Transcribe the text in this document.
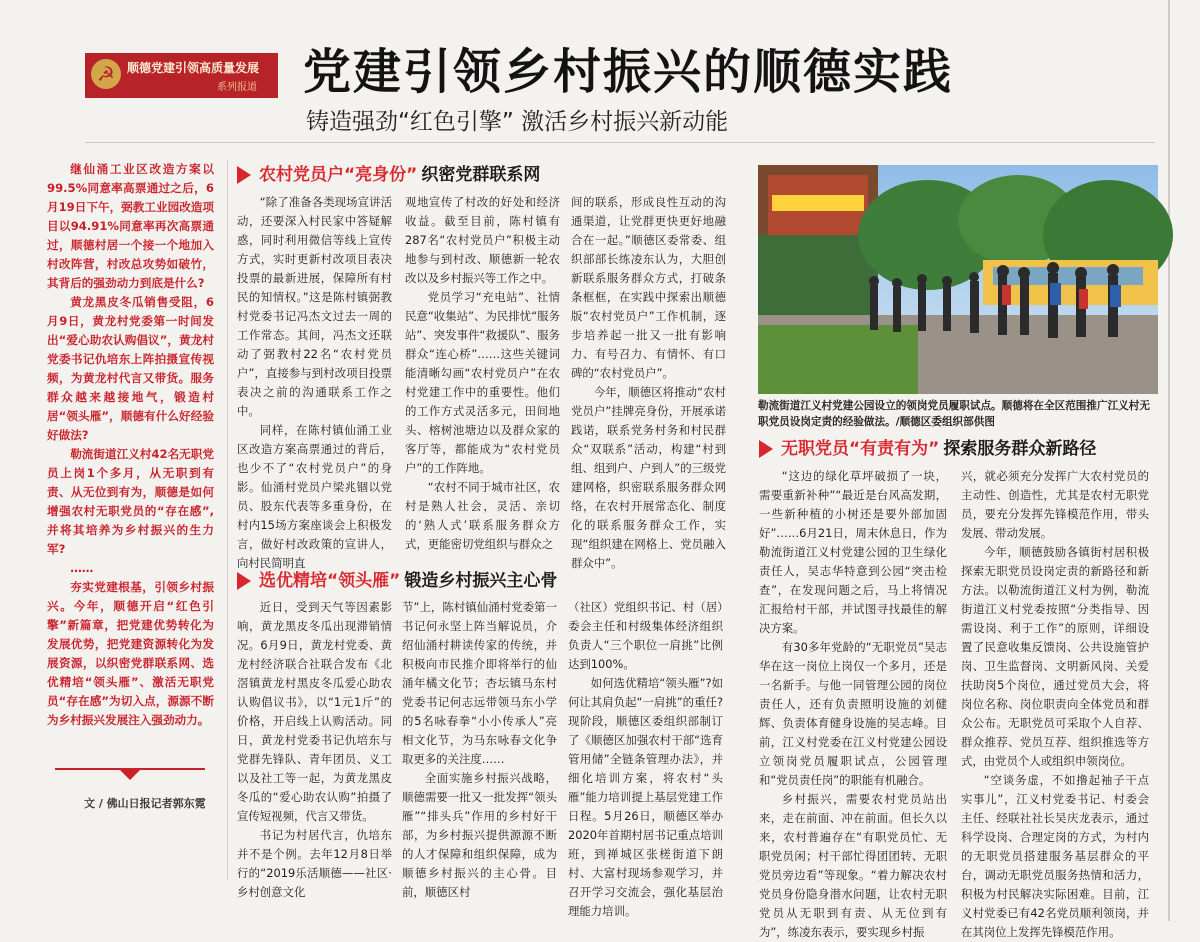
☭	顺德党建引领高质量发展
系列报道 党建引领乡村振兴的顺德实践
铸造强劲“红色引擎” 激活乡村振兴新动能

继仙涌工业区改造方案以99.5%同意率高票通过之后，6月19日下午，弼教工业园改造项目以94.91%同意率再次高票通过，顺德村居一个接一个地加入村改阵营，村改总攻势如破竹，其背后的强劲动力到底是什么?

黄龙黑皮冬瓜销售受阻，6月9日，黄龙村党委第一时间发出“爱心助农认购倡议”，黄龙村党委书记仇培东上阵拍摄宣传视频，为黄龙村代言又带货。服务群众越来越接地气，锻造村居“领头雁”，顺德有什么好经验好做法?

勒流街道江义村42名无职党员上岗1个多月，从无职到有责、从无位到有为，顺德是如何增强农村无职党员的“存在感”,并将其培养为乡村振兴的生力军?

……

夯实党建根基，引领乡村振兴。今年，顺德开启“红色引擎”新篇章，把党建优势转化为发展优势，把党建资源转化为发展资源，以织密党群联系网、选优精培“领头雁”、激活无职党员“存在感”为切入点，源源不断为乡村振兴发展注入强劲动力。

文 / 佛山日报记者郭东霓
农村党员户“亮身份” 织密党群联系网

“除了准备各类现场宣讲活动，还要深入村民家中答疑解惑，同时利用微信等线上宣传方式，实时更新村改项目表决投票的最新进展，保障所有村民的知情权。”这是陈村镇弼教村党委书记冯杰文过去一周的工作常态。其间，冯杰文还联动了弼教村22名“农村党员户”，直接参与到村改项目投票表决之前的沟通联系工作之中。

同样，在陈村镇仙涌工业区改造方案高票通过的背后，也少不了“农村党员户”的身影。仙涌村党员户梁兆锢以党员、股东代表等多重身份，在村内15场方案座谈会上积极发言，做好村改政策的宣讲人，向村民简明直

观地宣传了村改的好处和经济收益。截至目前，陈村镇有287名“农村党员户”积极主动地参与到村改、顺德新一轮农改以及乡村振兴等工作之中。

党员学习“充电站”、社情民意“收集站”、为民排忧“服务站”、突发事件“救援队”、服务群众“连心桥”……这些关键词能清晰勾画“农村党员户”在农村党建工作中的重要性。他们的工作方式灵活多元，田间地头、榕树池塘边以及群众家的客厅等，都能成为“农村党员户”的工作阵地。

“农村不同于城市社区，农村是熟人社会，灵活、亲切的‘熟人式’联系服务群众方式，更能密切党组织与群众之

间的联系，形成良性互动的沟通渠道，让党群更快更好地融合在一起。”顺德区委常委、组织部部长练凌东认为，大胆创新联系服务群众方式，打破条条框框，在实践中探索出顺德版“农村党员户”工作机制，逐步培养起一批又一批有影响力、有号召力、有情怀、有口碑的“农村党员户”。

今年，顺德区将推动“农村党员户”挂牌亮身份，开展承诺践诺，联系党务村务和村民群众“双联系”活动，构建“村到组、组到户、户到人”的三级党建网格，织密联系服务群众网络，在农村开展常态化、制度化的联系服务群众工作，实现“组织建在网格上、党员融入群众中”。

选优精培“领头雁” 锻造乡村振兴主心骨

近日，受到天气等因素影响，黄龙黑皮冬瓜出现滞销情况。6月9日，黄龙村党委、黄龙村经济联合社联合发布《北滘镇黄龙村黑皮冬瓜爱心助农认购倡议书》，以“1元1斤”的价格，开启线上认购活动。同日，黄龙村党委书记仇培东与党群先锋队、青年团员、义工以及社工等一起，为黄龙黑皮冬瓜的“爱心助农认购”拍摄了宣传短视频，代言又带货。

书记为村居代言，仇培东并不是个例。去年12月8日举行的“2019乐活顺德——社区·乡村创意文化

节”上，陈村镇仙涌村党委第一书记何永坚上阵当解说员，介绍仙涌村耕读传家的传统，并积极向市民推介即将举行的仙涌年橘文化节；杏坛镇马东村党委书记何志远带领马东小学的5名咏春拳“小小传承人”亮相文化节，为马东咏春文化争取更多的关注度……

全面实施乡村振兴战略，顺德需要一批又一批发挥“领头雁”“排头兵”作用的乡村好干部，为乡村振兴提供源源不断的人才保障和组织保障，成为顺德乡村振兴的主心骨。目前，顺德区村

（社区）党组织书记、村（居）委会主任和村级集体经济组织负责人“三个职位一肩挑”比例达到100%。

如何选优精培“领头雁”?如何让其肩负起“一肩挑”的重任?现阶段，顺德区委组织部制订了《顺德区加强农村干部“选育管用储”全链条管理办法》，并细化培训方案，将农村“头雁”能力培训提上基层党建工作日程。5月26日，顺德区举办2020年首期村居书记重点培训班，到禅城区张槎街道下朗村、大富村现场参观学习，并召开学习交流会，强化基层治理能力培训。

勒流街道江义村党建公园设立的领岗党员履职试点。顺德将在全区范围推广江义村无职党员设岗定责的经验做法。/顺德区委组织部供图
无职党员“有责有为” 探索服务群众新路径

“这边的绿化草坪破损了一块，需要重新补种”“最近是台风高发期，一些新种植的小树还是要外部加固好”……6月21日，周末休息日，作为勒流街道江义村党建公园的卫生绿化责任人，吴志华特意到公园“突击检查”，在发现问题之后，马上将情况汇报给村干部，并试图寻找最佳的解决方案。

有30多年党龄的“无职党员”吴志华在这一岗位上岗仅一个多月，还是一名新手。与他一同管理公园的岗位责任人，还有负责照明设施的刘健辉、负责体育健身设施的吴志峰。目前，江义村党委在江义村党建公园设立领岗党员履职试点，公园管理和“党员责任岗”的职能有机融合。

乡村振兴，需要农村党员站出来，走在前面、冲在前面。但长久以来，农村普遍存在“有职党员忙、无职党员闲；村干部忙得团团转、无职党员旁边看”等现象。“着力解决农村党员身份隐身潜水问题，让农村无职党员从无职到有责、从无位到有为”，练凌东表示，要实现乡村振

兴，就必须充分发挥广大农村党员的主动性、创造性，尤其是农村无职党员，要充分发挥先锋模范作用，带头发展、带动发展。

今年，顺德鼓励各镇街村居积极探索无职党员设岗定责的新路径和新方法。以勒流街道江义村为例，勒流街道江义村党委按照“分类指导、因需设岗、利于工作”的原则，详细设置了民意收集反馈岗、公共设施管护岗、卫生监督岗、文明新风岗、关爱扶助岗5个岗位，通过党员大会，将岗位名称、岗位职责向全体党员和群众公布。无职党员可采取个人自荐、群众推荐、党员互荐、组织推选等方式，由党员个人或组织申领岗位。

“空谈务虚，不如撸起袖子干点实事儿”，江义村党委书记、村委会主任、经联社社长吴庆龙表示，通过科学设岗、合理定岗的方式，为村内的无职党员搭建服务基层群众的平台，调动无职党员服务热情和活力，积极为村民解决实际困难。目前，江义村党委已有42名党员顺利领岗，并在其岗位上发挥先锋模范作用。
